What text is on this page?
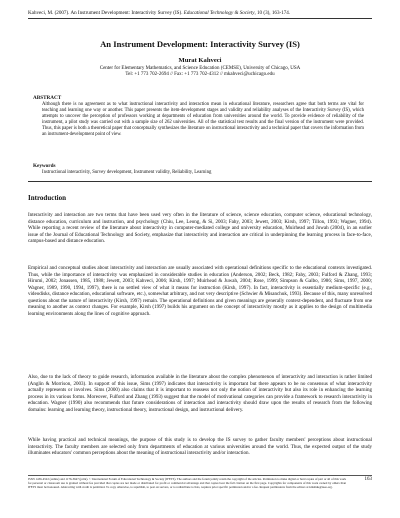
Kahveci, M. (2007). An Instrument Development: Interactivity Survey (IS). Educational Technology & Society, 10 (3), 163-174.
An Instrument Development: Interactivity Survey (IS)
Murat Kahveci
Center for Elementary Mathematics, and Science Education (CEMSE), University of Chicago, USA
Tel: +1 773 702-2694 // Fax: +1 773 702-4312 // mkahveci@uchicago.edu
ABSTRACT
Although there is no agreement as to what instructional interactivity and interaction mean in educational literature, researchers agree that both terms are vital for teaching and learning one way or another. This paper presents the item-development stages and validity and reliability analyses of the Interactivity Survey (IS), which attempts to uncover the perception of professors working at departments of education from universities around the world. To provide evidence of reliability of the instrument, a pilot study was carried out with a sample size of 262 universities. All of the statistical test results and the final version of the instrument were provided. Thus, this paper is both a theoretical paper that conceptually synthesizes the literature on instructional interactivity and a technical paper that covers the information from an instrument-development point of view.
Keywords
Instructional interactivity, Survey development, Instrument validity, Reliability, Learning
Introduction
Interactivity and interaction are two terms that have been used very often in the literature of science, science education, computer science, educational technology, distance education, curriculum and instruction, and psychology (Chiu, Lee, Leong, & Si, 2003; Fahy, 2003; Jewett, 2003; Kirsh, 1997; Tillon, 1993; Wagner, 1994). While reporting a recent review of the literature about interactivity in computer-mediated college and university education, Muirhead and Juwah (2004), in an earlier issue of the Journal of Educational Technology and Society, emphasize that interactivity and interaction are critical in underpinning the learning process in face-to-face, campus-based and distance education.
Empirical and conceptual studies about interactivity and interaction are usually associated with operational definitions specific to the educational contexts investigated. Thus, while the importance of interactivity was emphasized in considerable studies in education (Anderson, 2002; Beck, 1982; Fahy, 2003; Fulford & Zhang, 1993; Hirumi, 2002; Jonassen, 1985, 1988; Jewett, 2003; Kahveci, 2006; Kirsh, 1997; Muirhead & Juwah, 2004; Rose, 1999; Simpson & Galbo, 1986; Sims, 1997, 2000; Wagner, 1989, 1990, 1994, 1997), there is no settled view of what it means for instruction (Kirsh, 1997). In fact, interactivity is essentially medium-specific (e.g., videodisks, distance education, educational software, etc.), somewhat arbitrary, and not very descriptive (Schwier & Misanchuk, 1993). Because of this, many unresolved questions about the nature of interactivity (Kirsh, 1997) remain. The operational definitions and given meanings are generally context-dependent, and fluctuate from one meaning to another as context changes. For example, Kirsh (1997) builds his argument on the concept of interactivity mostly as it applies to the design of multimedia learning environments along the lines of cognitive approach.
Also, due to the lack of theory to guide research, information available in the literature about the complex phenomenon of interactivity and interaction is rather limited (Anglin & Morrison, 2003). In support of this issue, Sims (1997) indicates that interactivity is important but there appears to be no consensus of what interactivity actually represents or involves. Sims (2000) also claims that it is important to reassess not only the notion of interactivity but also its role in enhancing the learning process in its various forms. Moreover, Fulford and Zhang (1993) suggest that the model of motivational categories can provide a framework to research interactivity in education. Wagner (1990) also recommends that future considerations of interaction and interactivity should draw upon the results of research from the following domains: learning and learning theory, instructional theory, instructional design, and instructional delivery.
While having practical and technical meanings, the purpose of this study is to develop the IS survey to gather faculty members' perceptions about instructional interactivity. The faculty members are selected only from departments of education at various universities around the world. Thus, the expected output of the study illuminates educators' common perceptions about the meaning of instructional interactivity and/or interaction.
ISSN 1436-4522 (online) and 1176-3647 (print). © International Forum of Educational Technology & Society (IFETS). The authors and the forum jointly retain the copyright of the articles. Permission to make digital or hard copies of part or all of this work for personal or classroom use is granted without fee provided that copies are not made or distributed for profit or commercial advantage and that copies bear the full citation on the first page. Copyrights for components of this work owned by others than IFETS must be honoured. Abstracting with credit is permitted. To copy otherwise, to republish, to post on servers, or to redistribute to lists, requires prior specific permission and/or a fee. Request permissions from the editors at kinshuk@ieee.org.
163
